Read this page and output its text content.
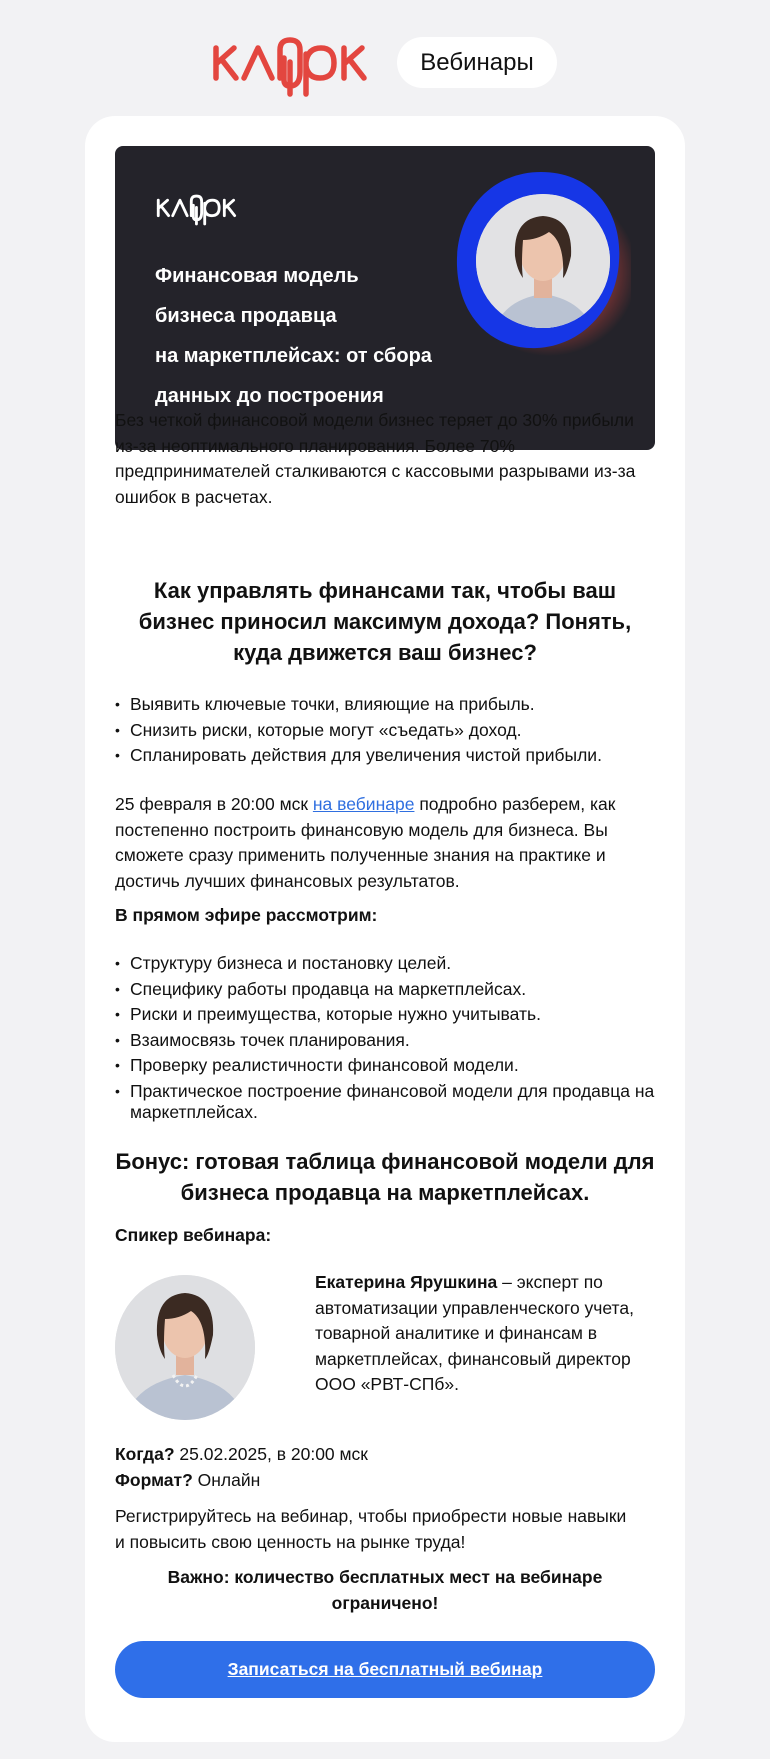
Вебинары
Финансовая модель
бизнеса продавца
на маркетплейсах: от сбора
данных до построения
Без четкой финансовой модели бизнес теряет до 30% прибыли
из-за неоптимального планирования. Более 70%
предпринимателей сталкиваются с кассовыми разрывами из-за
ошибок в расчетах.
Как управлять финансами так, чтобы ваш
бизнес приносил максимум дохода? Понять,
куда движется ваш бизнес?
• Выявить ключевые точки, влияющие на прибыль.
• Снизить риски, которые могут «съедать» доход.
• Спланировать действия для увеличения чистой прибыли.
25 февраля в 20:00 мск на вебинаре подробно разберем, как
постепенно построить финансовую модель для бизнеса. Вы
сможете сразу применить полученные знания на практике и
достичь лучших финансовых результатов.
В прямом эфире рассмотрим:
• Структуру бизнеса и постановку целей.
• Специфику работы продавца на маркетплейсах.
• Риски и преимущества, которые нужно учитывать.
• Взаимосвязь точек планирования.
• Проверку реалистичности финансовой модели.
• Практическое построение финансовой модели для продавца на маркетплейсах.
Бонус: готовая таблица финансовой модели для
бизнеса продавца на маркетплейсах.
Спикер вебинара:
Екатерина Ярушкина – эксперт по
автоматизации управленческого учета,
товарной аналитике и финансам в
маркетплейсах, финансовый директор
ООО «РВТ-СПб».
Когда? 25.02.2025, в 20:00 мск
Формат? Онлайн
Регистрируйтесь на вебинар, чтобы приобрести новые навыки
и повысить свою ценность на рынке труда!
Важно: количество бесплатных мест на вебинаре
ограничено!
Записаться на бесплатный вебинар
